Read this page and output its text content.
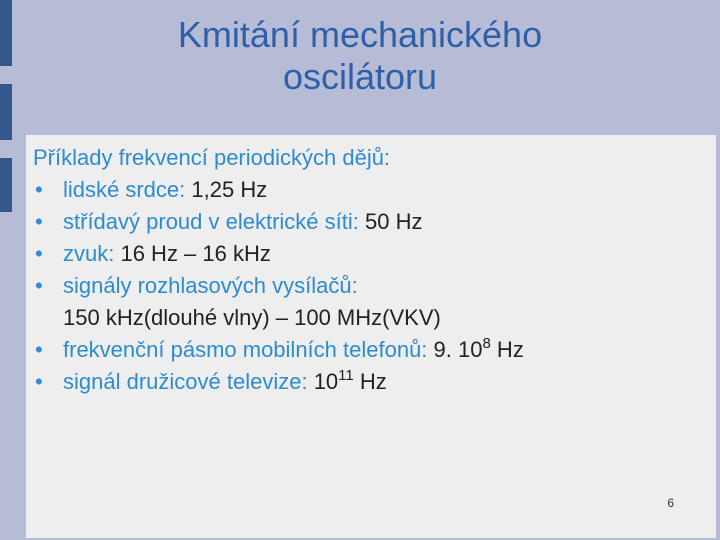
Kmitání mechanického
oscilátoru
Příklady frekvencí periodických dějů:
• lidské srdce: 1,25 Hz
• střídavý proud v elektrické síti: 50 Hz
• zvuk: 16 Hz – 16 kHz
• signály rozhlasových vysílačů:
150 kHz(dlouhé vlny) – 100 MHz(VKV)
• frekvenční pásmo mobilních telefonů: 9. $10^8$ Hz
• signál družicové televize: $10^{11}$ Hz
6
